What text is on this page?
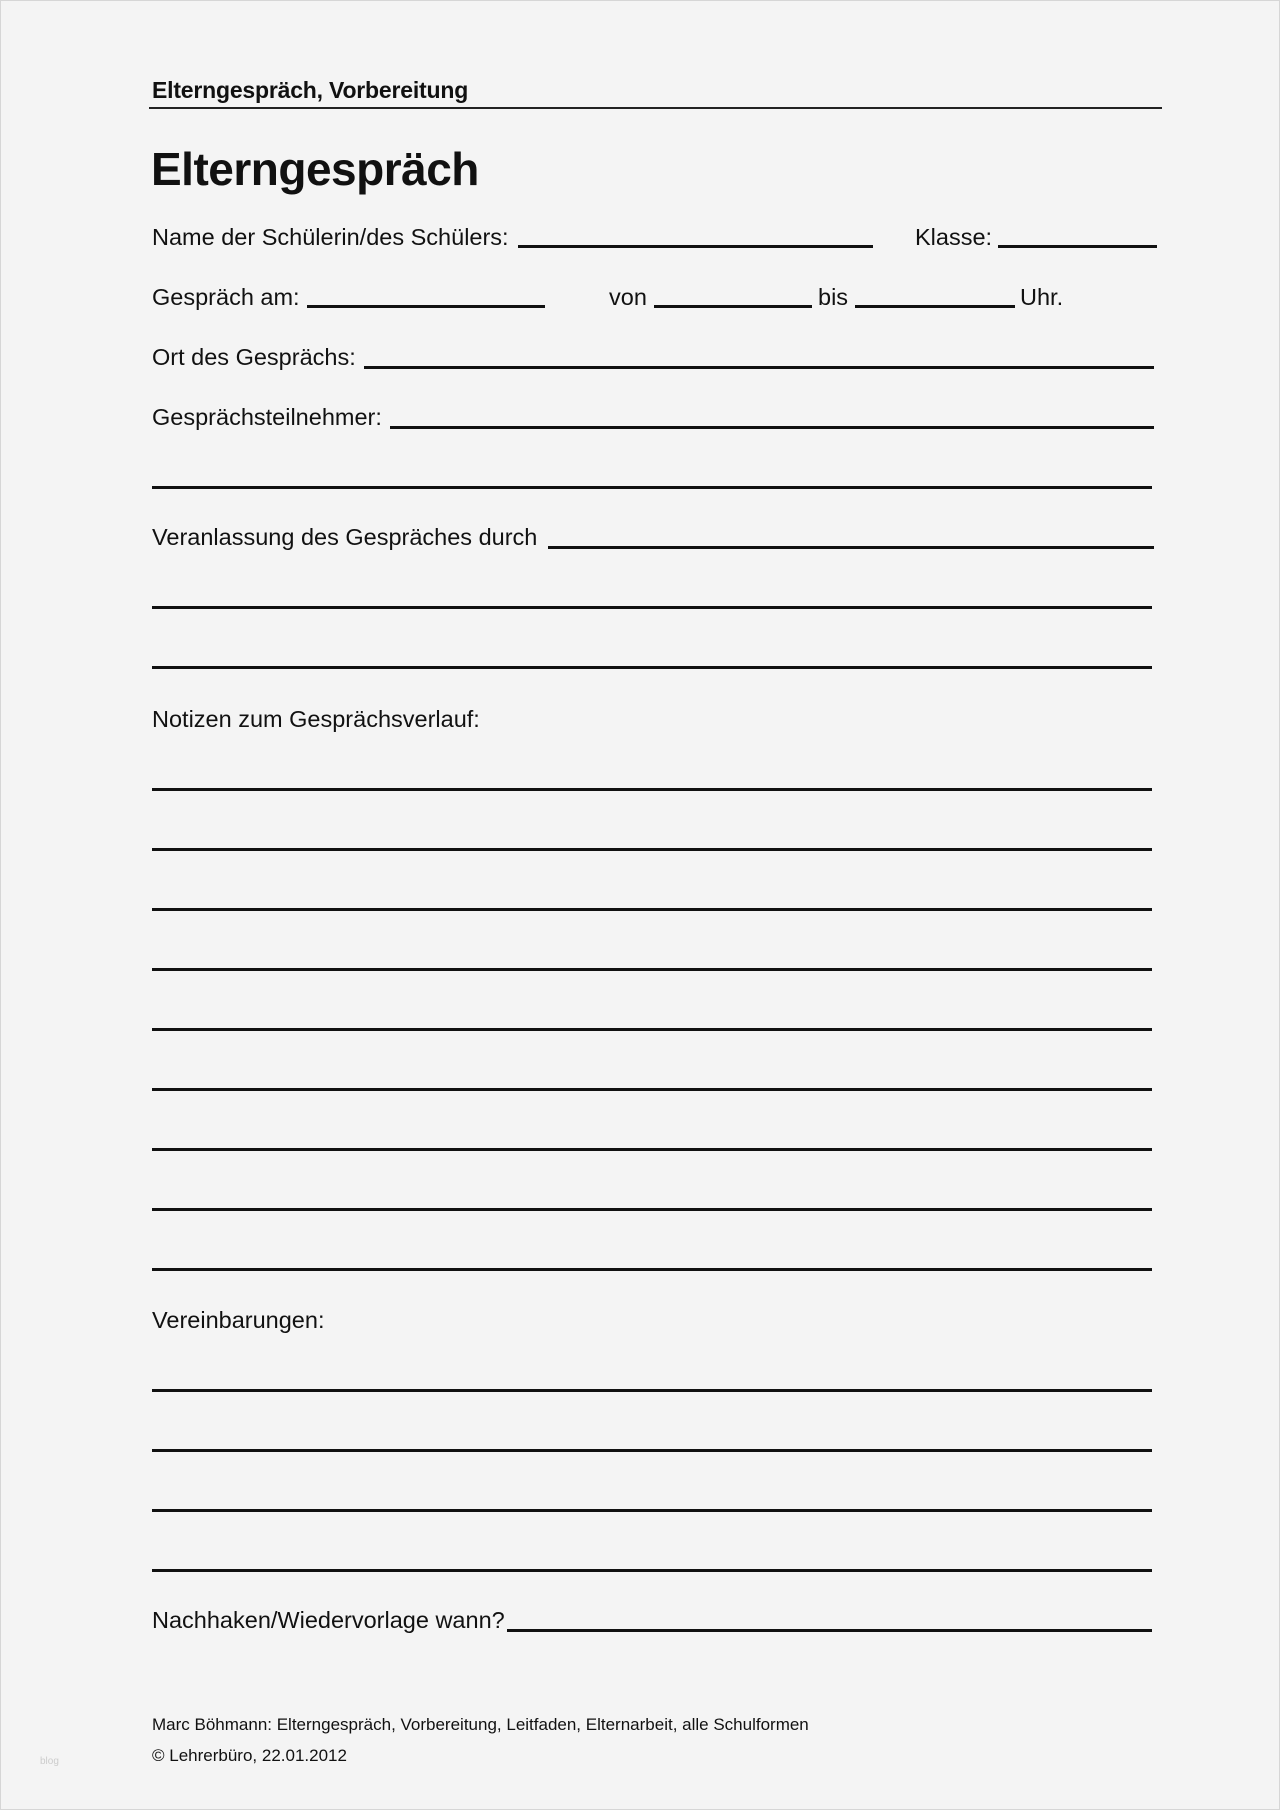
Elterngespräch, Vorbereitung
Elterngespräch
Name der Schülerin/des Schülers:	Klasse:
Gespräch am:	von	bis	Uhr.
Ort des Gesprächs:
Gesprächsteilnehmer:
Veranlassung des Gespräches durch
Notizen zum Gesprächsverlauf:
Vereinbarungen:
Nachhaken/Wiedervorlage wann?
Marc Böhmann: Elterngespräch, Vorbereitung, Leitfaden, Elternarbeit, alle Schulformen
© Lehrerbüro, 22.01.2012
blog
